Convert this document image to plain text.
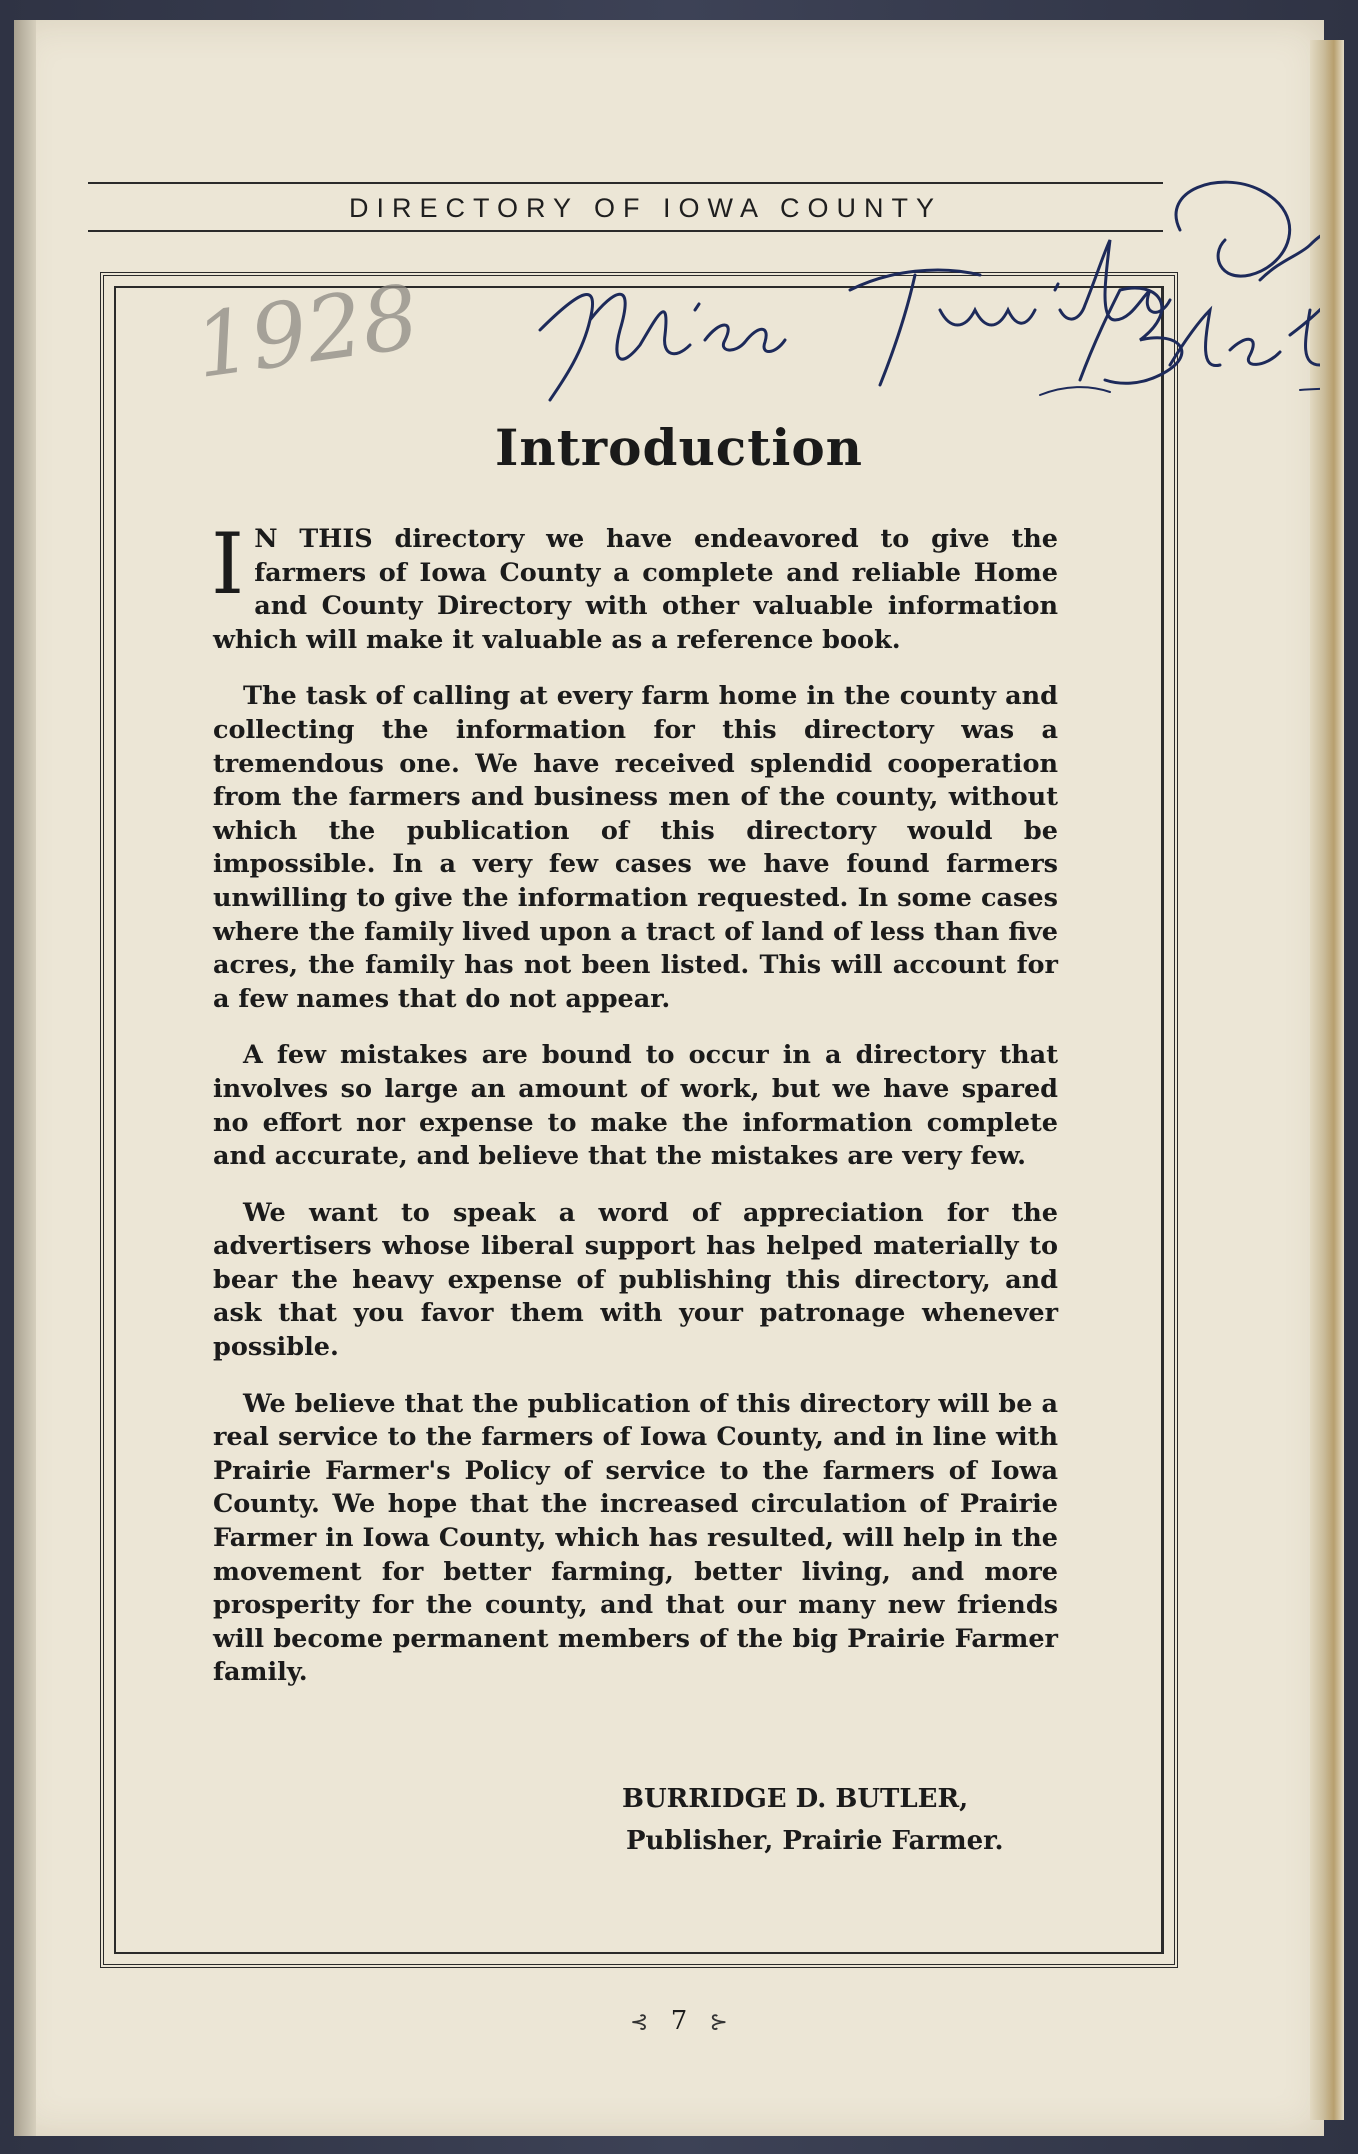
DIRECTORY OF IOWA COUNTY
1928
Introduction

I N THIS directory we have endeavored to give the farmers of Iowa County a complete and reliable Home and County Directory with other valuable information which will make it valuable as a reference book.

The task of calling at every farm home in the county and collecting the information for this directory was a tremendous one. We have received splendid cooperation from the farmers and business men of the county, without which the publication of this directory would be impossible. In a very few cases we have found farmers unwilling to give the information requested. In some cases where the family lived upon a tract of land of less than five acres, the family has not been listed. This will account for a few names that do not appear.

A few mistakes are bound to occur in a directory that involves so large an amount of work, but we have spared no effort nor expense to make the information complete and accurate, and believe that the mistakes are very few.

We want to speak a word of appreciation for the advertisers whose liberal support has helped materially to bear the heavy expense of publishing this directory, and ask that you favor them with your patronage whenever possible.

We believe that the publication of this directory will be a real service to the farmers of Iowa County, and in line with Prairie Farmer's Policy of service to the farmers of Iowa County. We hope that the increased circulation of Prairie Farmer in Iowa County, which has resulted, will help in the movement for better farming, better living, and more prosperity for the county, and that our many new friends will become permanent members of the big Prairie Farmer family.

BURRIDGE D. BUTLER,
Publisher, Prairie Farmer.
⊰ 7 ⊱
